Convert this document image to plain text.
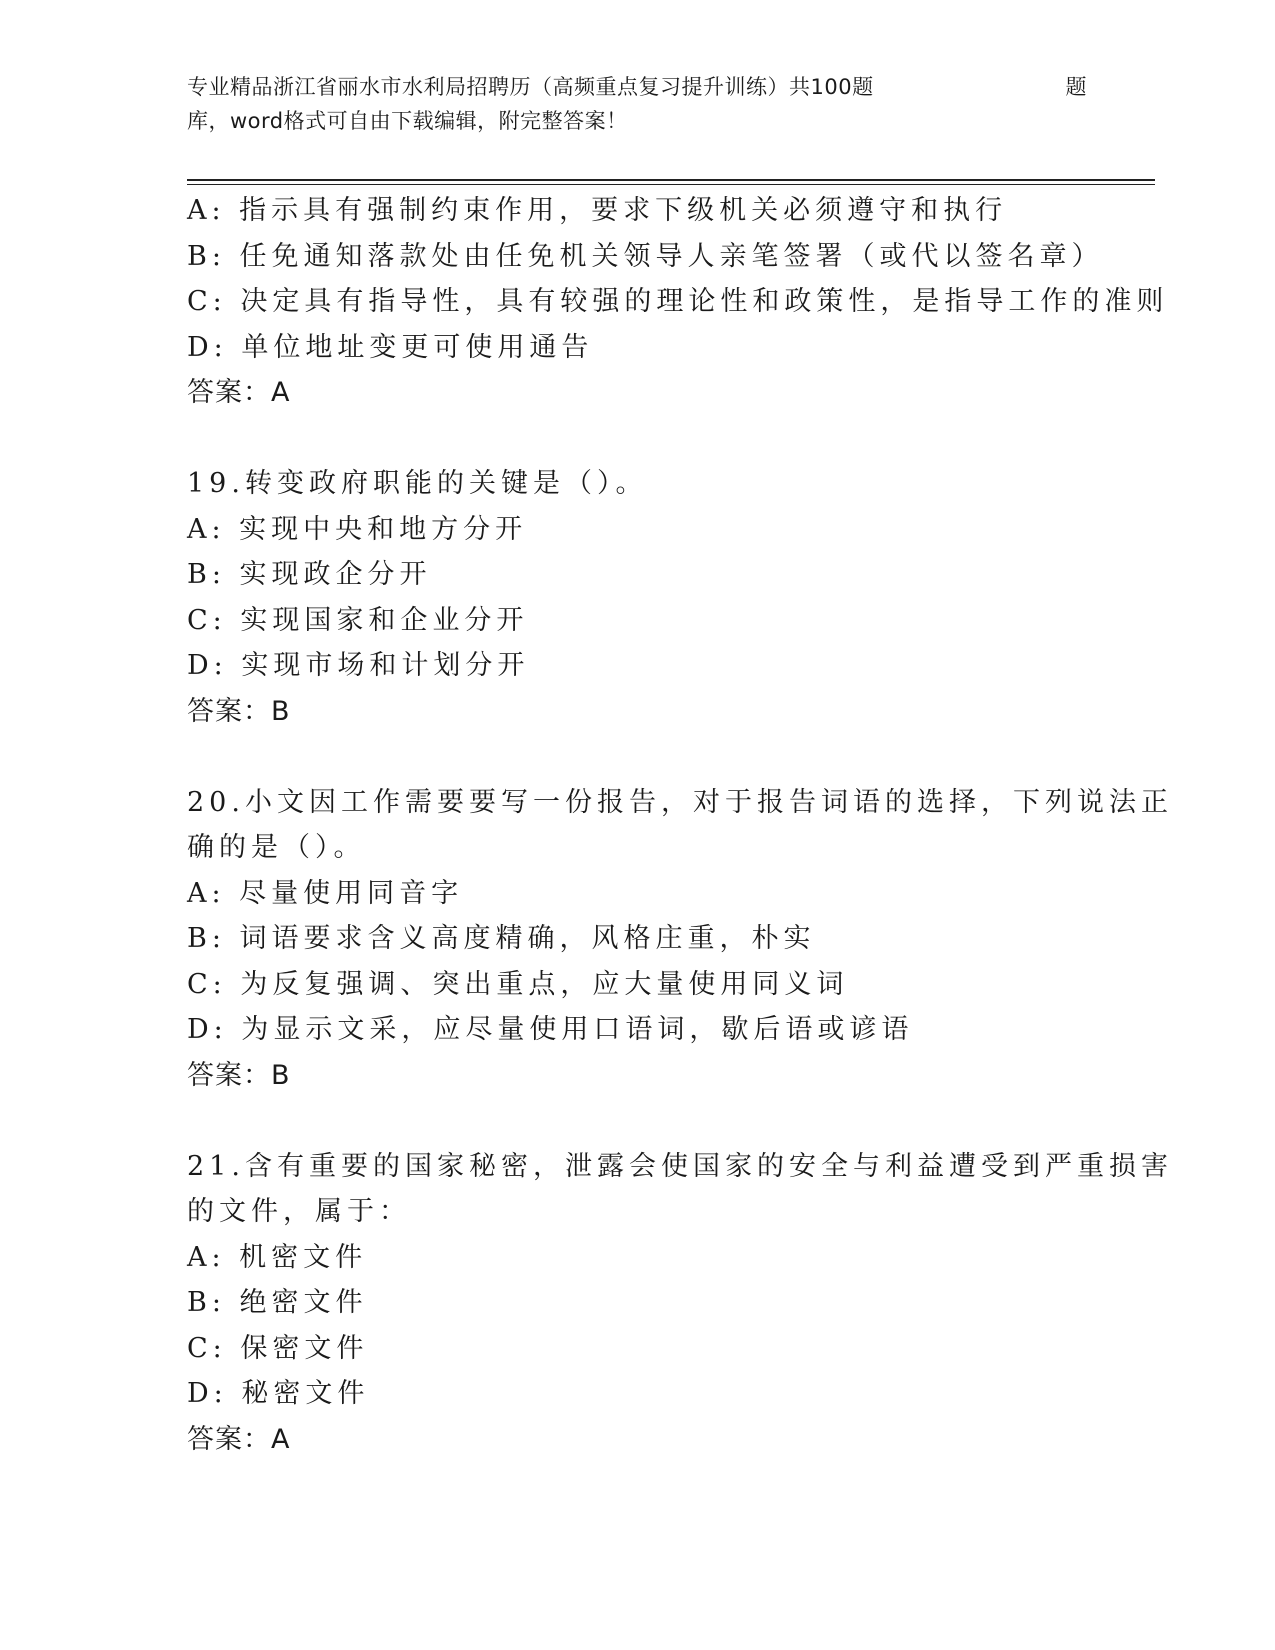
专业精品浙江省丽水市水利局招聘历（高频重点复习提升训练）共100题	题
库，word格式可自由下载编辑，附完整答案！
A: 指示具有强制约束作用，要求下级机关必须遵守和执行
B: 任免通知落款处由任免机关领导人亲笔签署（或代以签名章）
C: 决定具有指导性，具有较强的理论性和政策性，是指导工作的准则
D: 单位地址变更可使用通告
答案：A
19.转变政府职能的关键是（）。
A: 实现中央和地方分开
B: 实现政企分开
C: 实现国家和企业分开
D: 实现市场和计划分开
答案：B
20.小文因工作需要要写一份报告，对于报告词语的选择，下列说法正
确的是（）。
A: 尽量使用同音字
B: 词语要求含义高度精确，风格庄重，朴实
C: 为反复强调、突出重点，应大量使用同义词
D: 为显示文采，应尽量使用口语词，歇后语或谚语
答案：B
21.含有重要的国家秘密，泄露会使国家的安全与利益遭受到严重损害
的文件，属于：
A: 机密文件
B: 绝密文件
C: 保密文件
D: 秘密文件
答案：A
